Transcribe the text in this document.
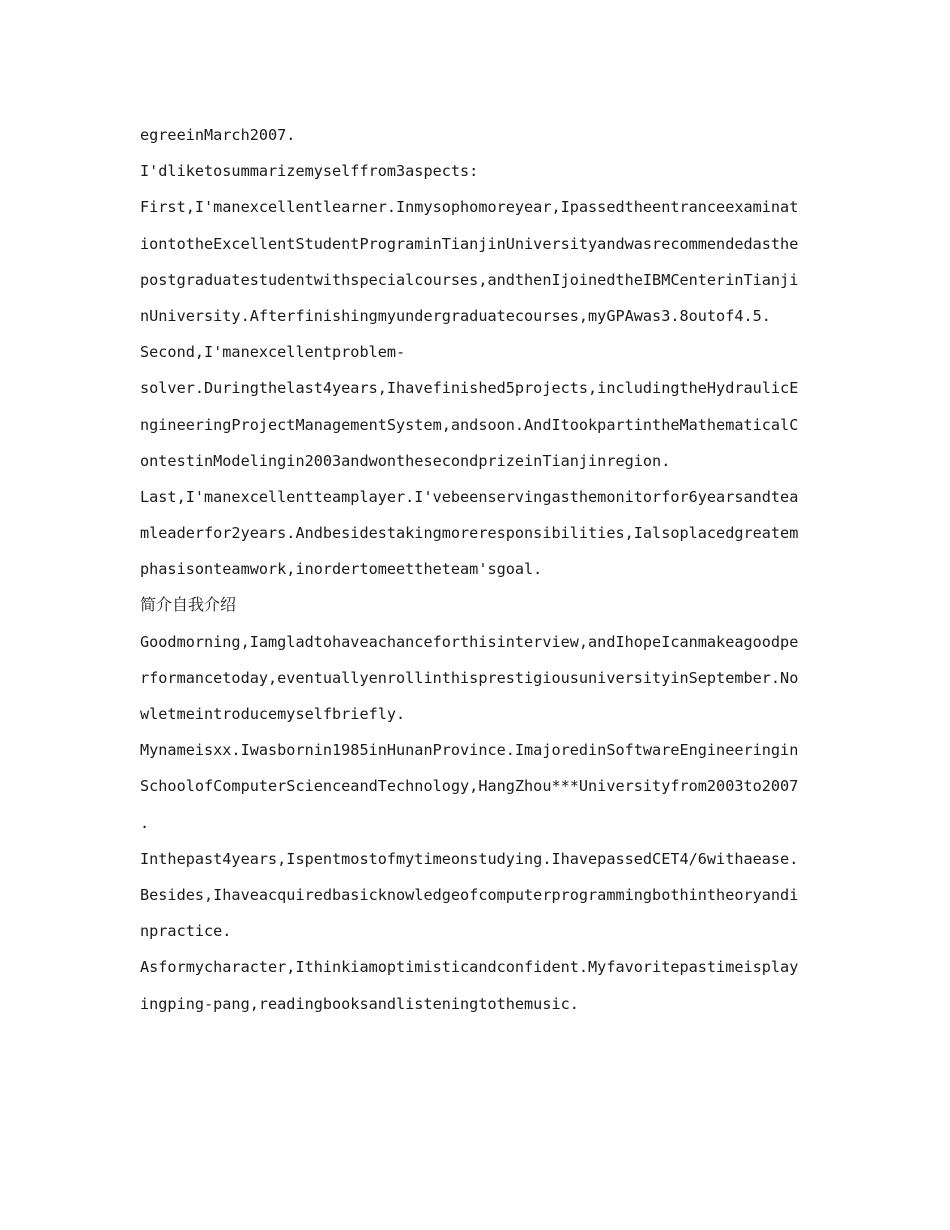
egreeinMarch2007.
I'dliketosummarizemyselffrom3aspects:
First,I'manexcellentlearner.Inmysophomoreyear,Ipassedtheentranceexaminat
iontotheExcellentStudentPrograminTianjinUniversityandwasrecommendedasthe
postgraduatestudentwithspecialcourses,andthenIjoinedtheIBMCenterinTianji
nUniversity.Afterfinishingmyundergraduatecourses,myGPAwas3.8outof4.5.
Second,I'manexcellentproblem-
solver.Duringthelast4years,Ihavefinished5projects,includingtheHydraulicE
ngineeringProjectManagementSystem,andsoon.AndItookpartintheMathematicalC
ontestinModelingin2003andwonthesecondprizeinTianjinregion.
Last,I'manexcellentteamplayer.I'vebeenservingasthemonitorfor6yearsandtea
mleaderfor2years.Andbesidestakingmoreresponsibilities,Ialsoplacedgreatem
phasisonteamwork,inordertomeettheteam'sgoal.
简介自我介绍
Goodmorning,Iamgladtohaveachanceforthisinterview,andIhopeIcanmakeagoodpe
rformancetoday,eventuallyenrollinthisprestigiousuniversityinSeptember.No
wletmeintroducemyselfbriefly.
Mynameisxx.Iwasbornin1985inHunanProvince.ImajoredinSoftwareEngineeringin
SchoolofComputerScienceandTechnology,HangZhou***Universityfrom2003to2007
.
Inthepast4years,Ispentmostofmytimeonstudying.IhavepassedCET4/6withaease.
Besides,Ihaveacquiredbasicknowledgeofcomputerprogrammingbothintheoryandi
npractice.
Asformycharacter,Ithinkiamoptimisticandconfident.Myfavoritepastimeisplay
ingping-pang,readingbooksandlisteningtothemusic.
